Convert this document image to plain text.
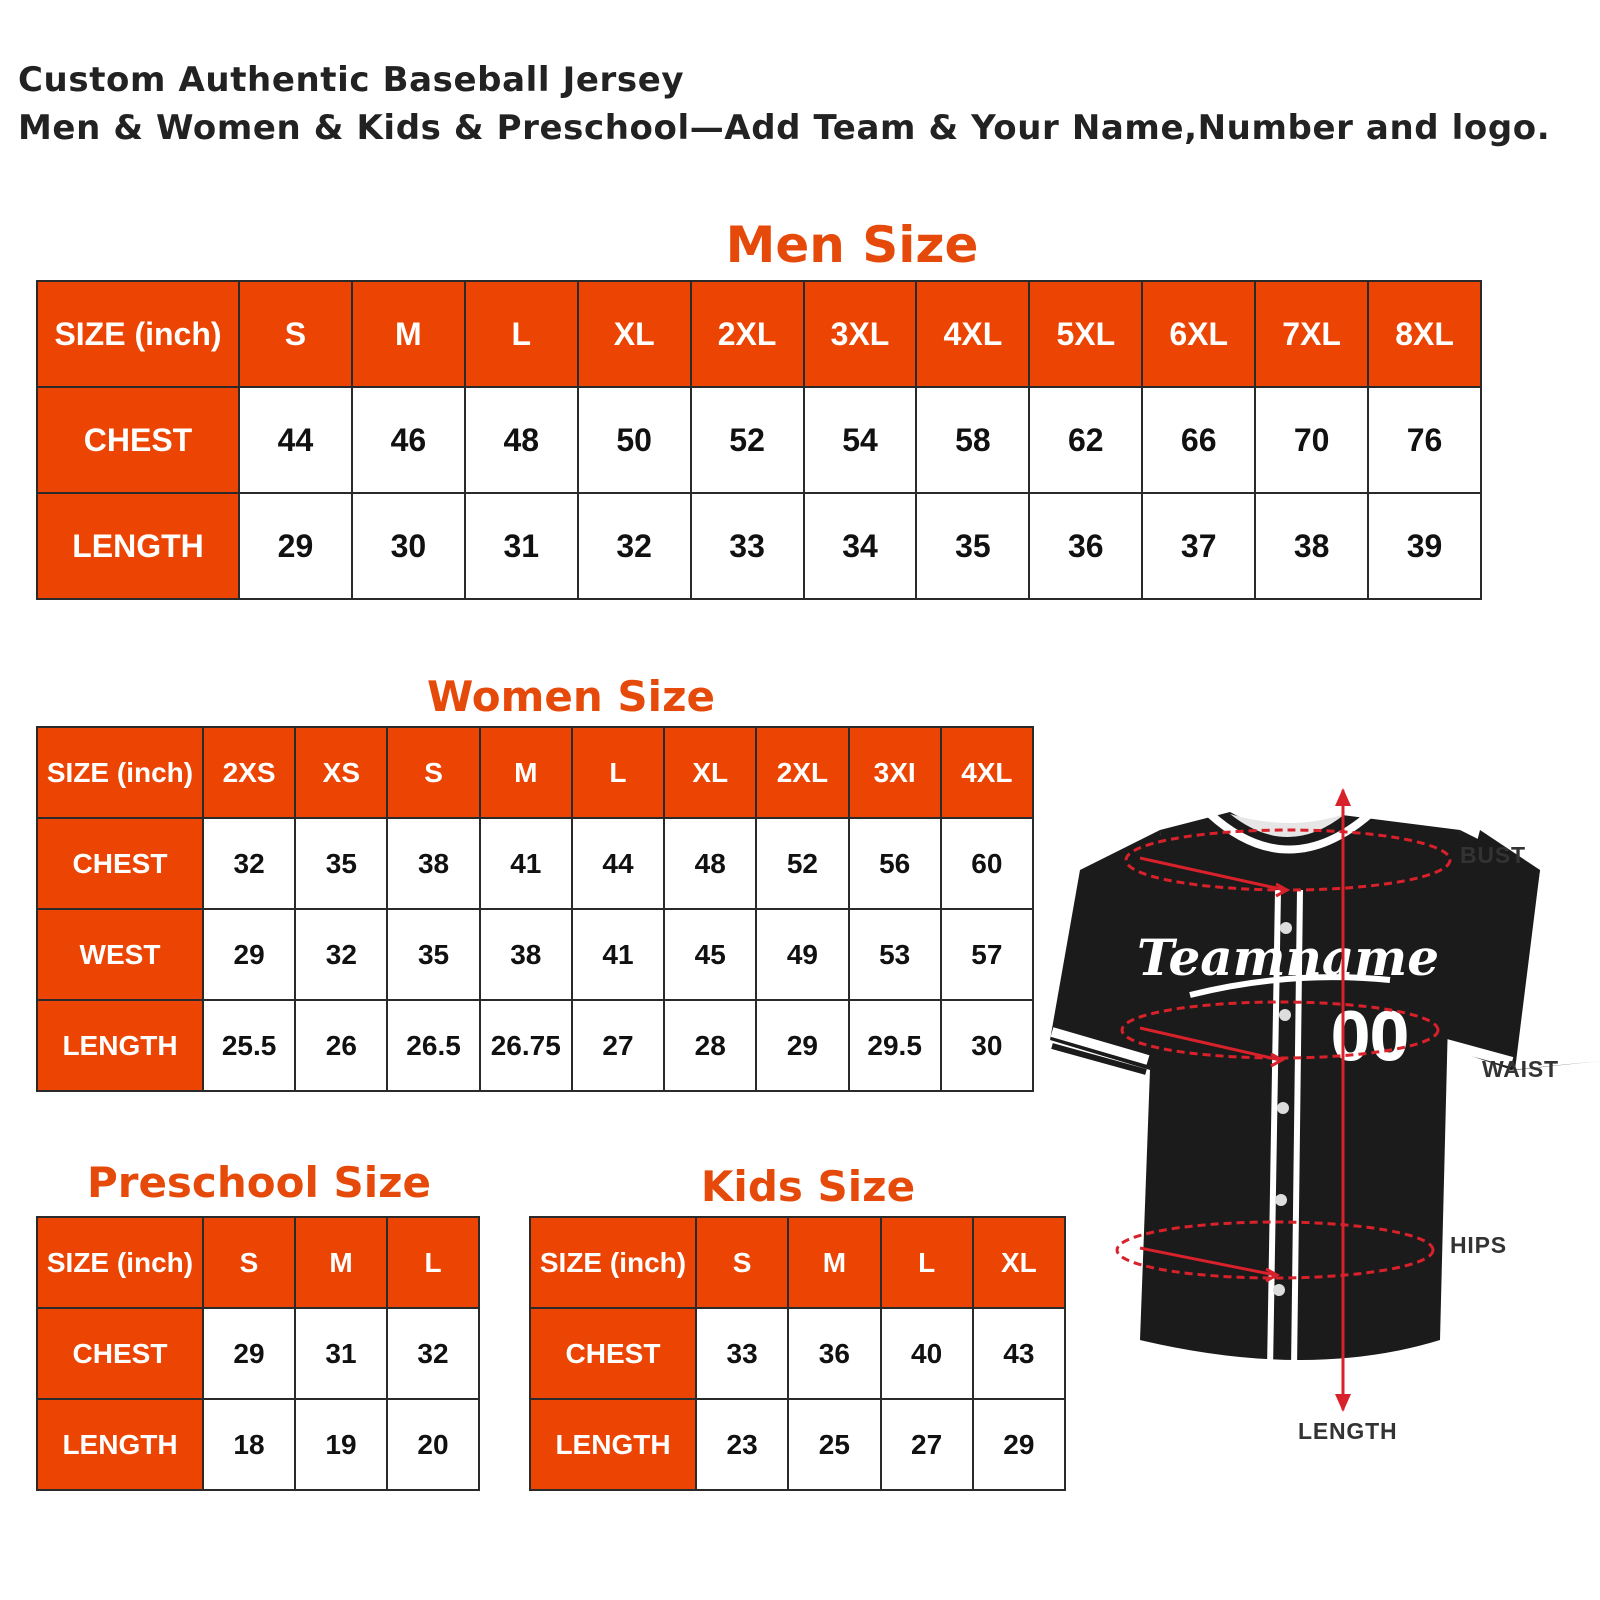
Custom Authentic Baseball Jersey
Men & Women & Kids & Preschool—Add Team & Your Name,Number and logo.
Men Size
SIZE (inch)	S	M	L	XL	2XL	3XL	4XL	5XL	6XL	7XL	8XL
CHEST	44	46	48	50	52	54	58	62	66	70	76
LENGTH	29	30	31	32	33	34	35	36	37	38	39
Women Size
SIZE (inch)	2XS	XS	S	M	L	XL	2XL	3XI	4XL
CHEST	32	35	38	41	44	48	52	56	60
WEST	29	32	35	38	41	45	49	53	57
LENGTH	25.5	26	26.5	26.75	27	28	29	29.5	30
Preschool Size
SIZE (inch)	S	M	L
CHEST	29	31	32
LENGTH	18	19	20
Kids Size
SIZE (inch)	S	M	L	XL
CHEST	33	36	40	43
LENGTH	23	25	27	29
Teamname
00
BUST
WAIST
HIPS
LENGTH
